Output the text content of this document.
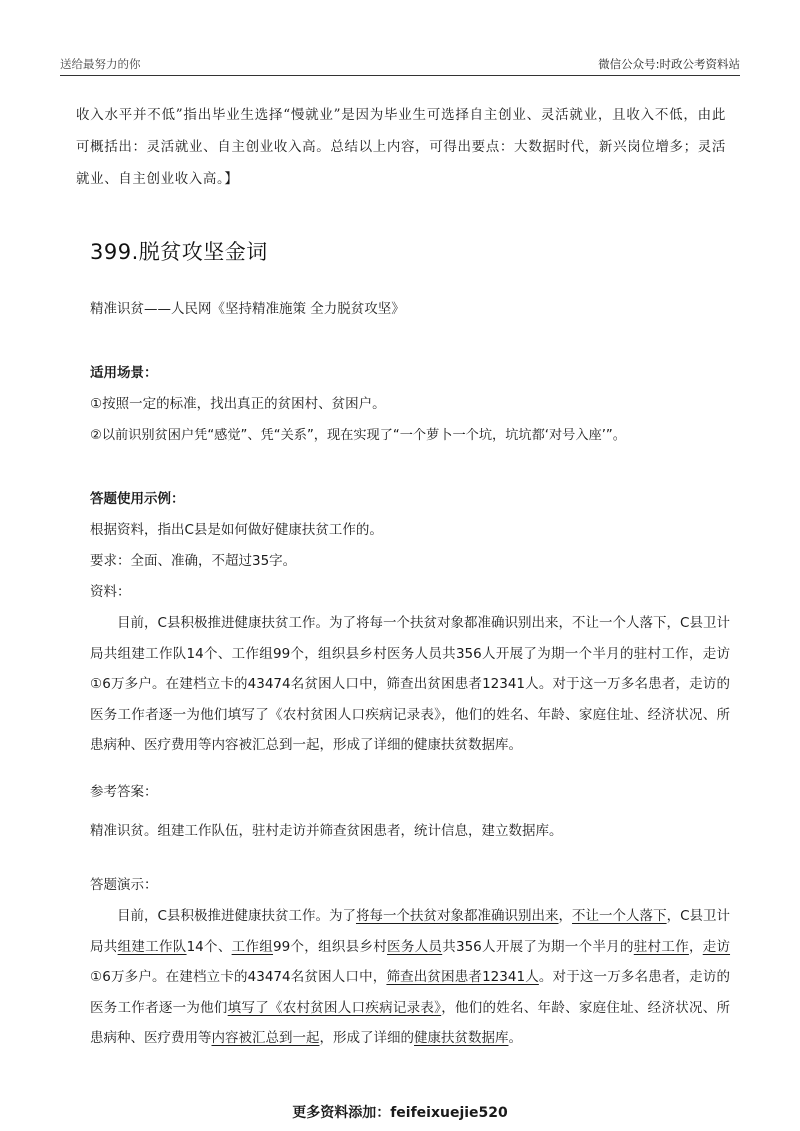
送给最努力的你	微信公众号:时政公考资料站
收入水平并不低”指出毕业生选择“慢就业”是因为毕业生可选择自主创业、灵活就业，且收入不低，由此可概括出：灵活就业、自主创业收入高。总结以上内容，可得出要点：大数据时代，新兴岗位增多；灵活就业、自主创业收入高。】
399.脱贫攻坚金词
精准识贫——人民网《坚持精准施策 全力脱贫攻坚》
适用场景：
①按照一定的标准，找出真正的贫困村、贫困户。
②以前识别贫困户凭“感觉”、凭“关系”，现在实现了“一个萝卜一个坑，坑坑都‘对号入座’”。
答题使用示例：
根据资料，指出C县是如何做好健康扶贫工作的。
要求：全面、准确，不超过35字。
资料：
目前，C县积极推进健康扶贫工作。为了将每一个扶贫对象都准确识别出来，不让一个人落下，C县卫计局共组建工作队14个、工作组99个，组织县乡村医务人员共356人开展了为期一个半月的驻村工作，走访①6万多户。在建档立卡的43474名贫困人口中，筛查出贫困患者12341人。对于这一万多名患者，走访的医务工作者逐一为他们填写了《农村贫困人口疾病记录表》，他们的姓名、年龄、家庭住址、经济状况、所患病种、医疗费用等内容被汇总到一起，形成了详细的健康扶贫数据库。
参考答案：
精准识贫。组建工作队伍，驻村走访并筛查贫困患者，统计信息，建立数据库。
答题演示：
目前，C县积极推进健康扶贫工作。为了将每一个扶贫对象都准确识别出来，不让一个人落下，C县卫计局共组建工作队14个、工作组99个，组织县乡村医务人员共356人开展了为期一个半月的驻村工作，走访①6万多户。在建档立卡的43474名贫困人口中，筛查出贫困患者12341人。对于这一万多名患者，走访的医务工作者逐一为他们填写了《农村贫困人口疾病记录表》，他们的姓名、年龄、家庭住址、经济状况、所患病种、医疗费用等内容被汇总到一起，形成了详细的健康扶贫数据库。
更多资料添加：feifeixuejie520
